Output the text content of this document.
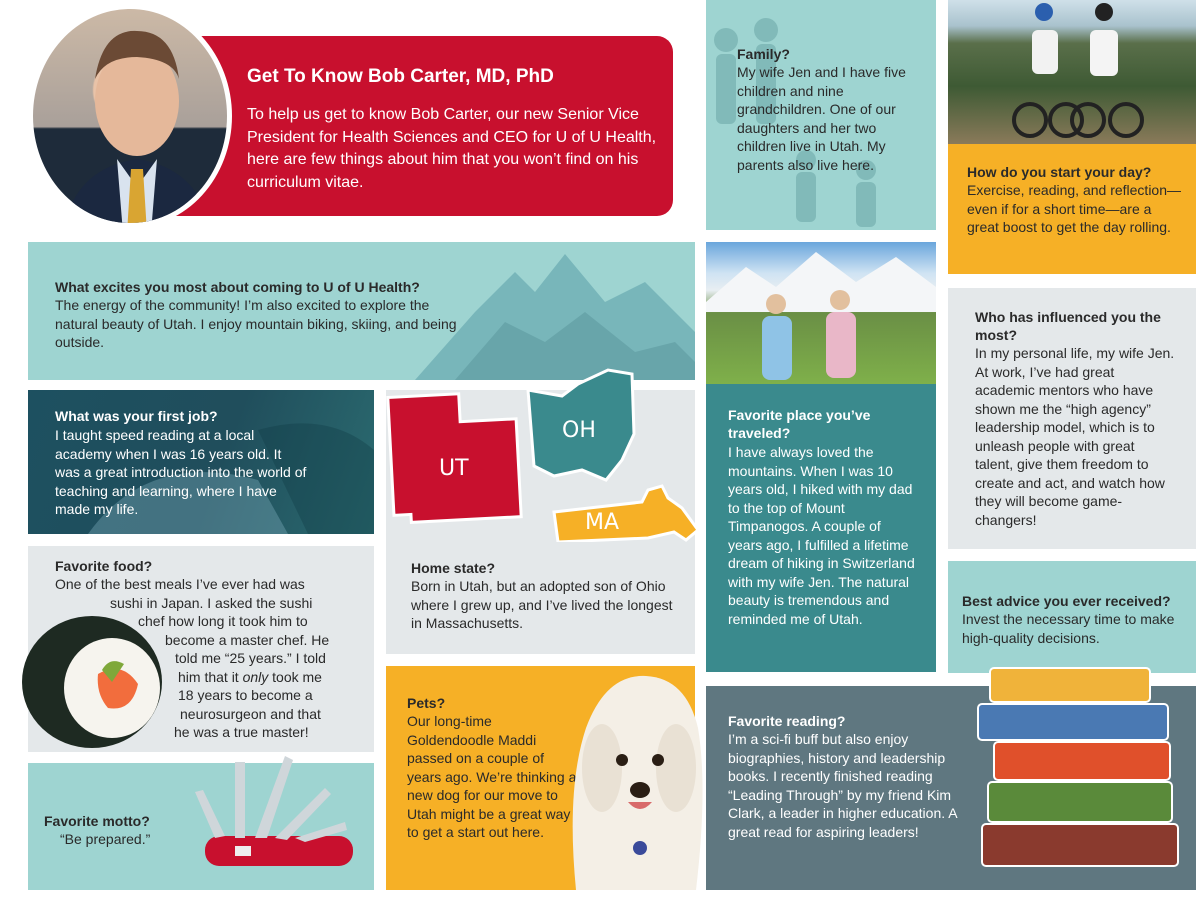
Get To Know Bob Carter, MD, PhD
To help us get to know Bob Carter, our new Senior Vice President for Health Sciences and CEO for U of U Health, here are few things about him that you won’t find on his curriculum vitae.
Family?
My wife Jen and I have five children and nine grandchildren. One of our daughters and her two children live in Utah. My parents also live here.	How do you start your day?
Exercise, reading, and reflection—even if for a short time—are a great boost to get the day rolling.
What excites you most about coming to U of U Health?
The energy of the community! I’m also excited to explore the natural beauty of Utah. I enjoy mountain biking, skiing, and being outside.
Who has influenced you the most?
In my personal life, my wife Jen. At work, I’ve had great academic mentors who have shown me the “high agency” leadership model, which is to unleash people with great talent, give them freedom to create and act, and watch how they will become game-changers!
What was your first job?
I taught speed reading at a local academy when I was 16 years old. It was a great introduction into the world of teaching and learning, where I have made my life.
Home state?
Born in Utah, but an adopted son of Ohio where I grew up, and I’ve lived the longest in Massachusetts.
UT
OH
MA
Favorite place you’ve traveled?
I have always loved the mountains. When I was 10 years old, I hiked with my dad to the top of Mount Timpanogos. A couple of years ago, I fulfilled a lifetime dream of hiking in Switzerland with my wife Jen. The natural beauty is tremendous and reminded me of Utah.
Favorite food?
One of the best meals I’ve ever had was
sushi in Japan. I asked the sushi
chef how long it took him to
become a master chef. He
told me “25 years.” I told
him that it only took me
18 years to become a
neurosurgeon and that
he was a true master!
Best advice you ever received?
Invest the necessary time to make high-quality decisions.
Pets?
Our long-time Goldendoodle Maddi passed on a couple of years ago. We’re thinking a new dog for our move to Utah might be a great way to get a start out here.
Favorite reading?
I’m a sci-fi buff but also enjoy biographies, history and leadership books. I recently finished reading “Leading Through” by my friend Kim Clark, a leader in higher education. A great read for aspiring leaders!
Favorite motto?
“Be prepared.”
